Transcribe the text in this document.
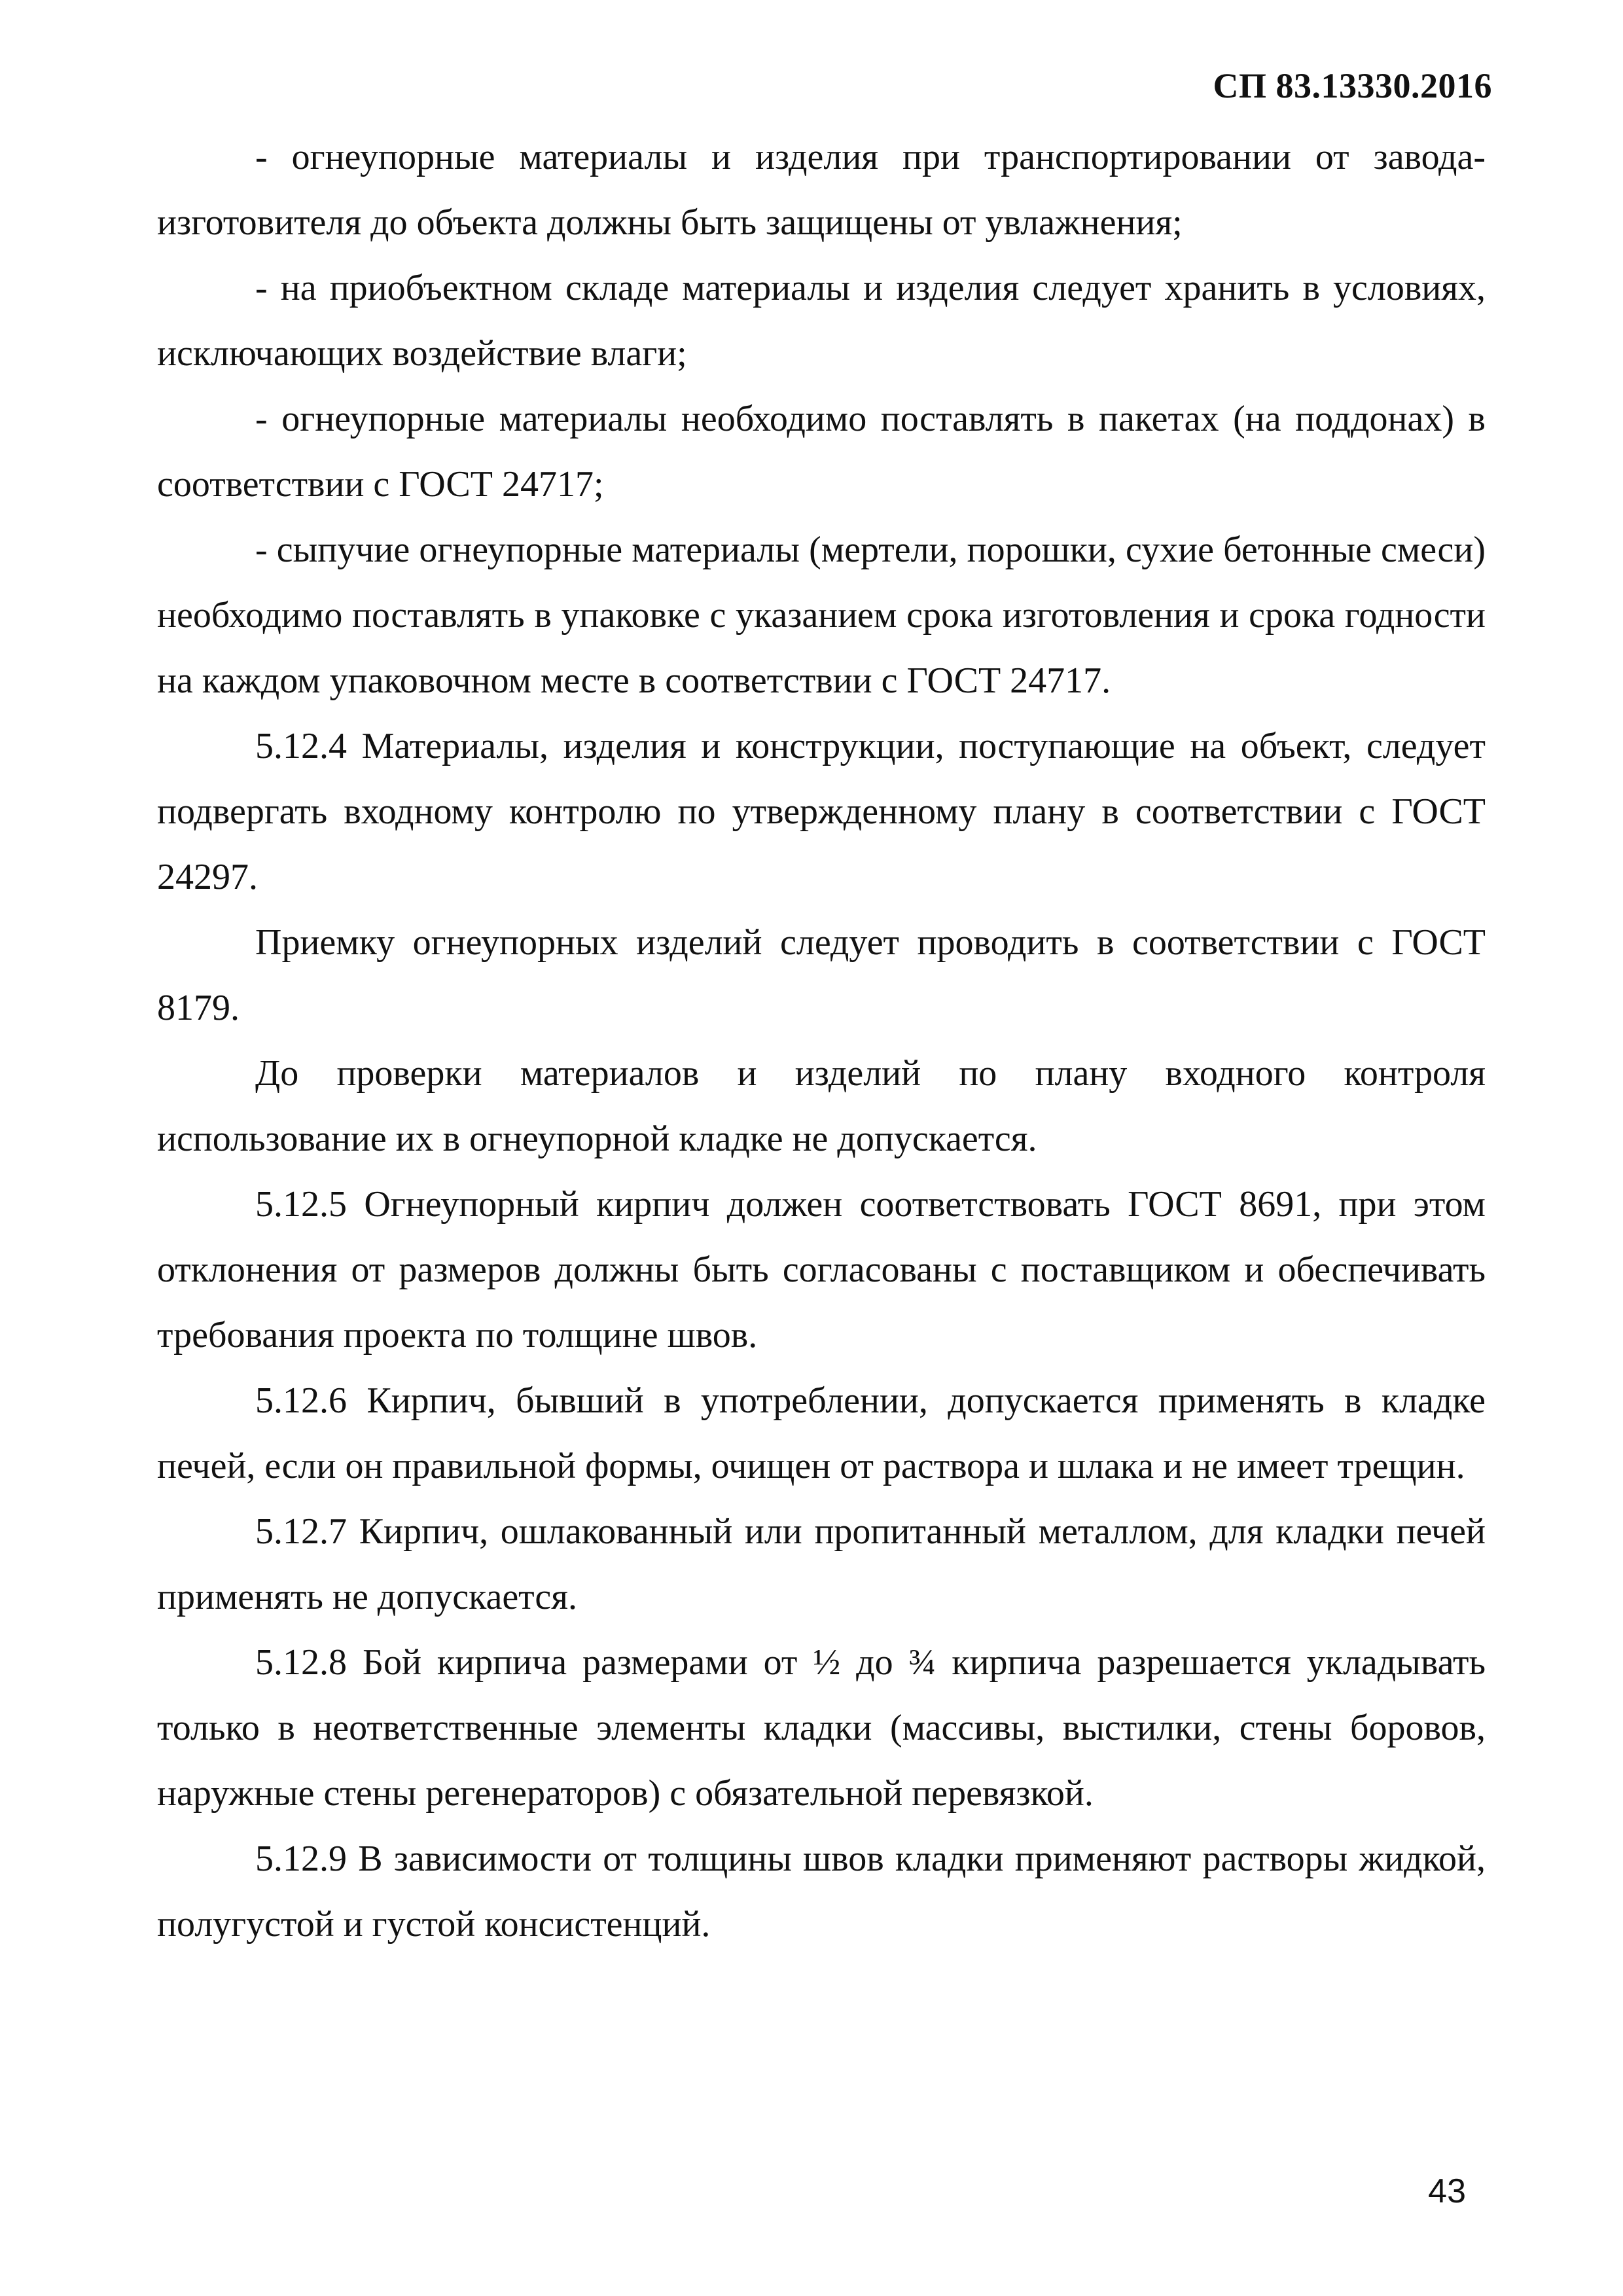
СП 83.13330.2016

- огнеупорные материалы и изделия при транспортировании от завода-изготовителя до объекта должны быть защищены от увлажнения;

- на приобъектном складе материалы и изделия следует хранить в условиях, исключающих воздействие влаги;

- огнеупорные материалы необходимо поставлять в пакетах (на поддонах) в соответствии с ГОСТ 24717;

- сыпучие огнеупорные материалы (мертели, порошки, сухие бетонные смеси) необходимо поставлять в упаковке с указанием срока изготовления и срока годности на каждом упаковочном месте в соответствии с ГОСТ 24717.

5.12.4 Материалы, изделия и конструкции, поступающие на объект, следует подвергать входному контролю по утвержденному плану в соответствии с ГОСТ 24297.

Приемку огнеупорных изделий следует проводить в соответствии с ГОСТ 8179.

До проверки материалов и изделий по плану входного контроля использование их в огнеупорной кладке не допускается.

5.12.5 Огнеупорный кирпич должен соответствовать ГОСТ 8691, при этом отклонения от размеров должны быть согласованы с поставщиком и обеспечивать требования проекта по толщине швов.

5.12.6 Кирпич, бывший в употреблении, допускается применять в кладке печей, если он правильной формы, очищен от раствора и шлака и не имеет трещин.

5.12.7 Кирпич, ошлакованный или пропитанный металлом, для кладки печей применять не допускается.

5.12.8 Бой кирпича размерами от ½ до ¾ кирпича разрешается укладывать только в неответственные элементы кладки (массивы, выстилки, стены боровов, наружные стены регенераторов) с обязательной перевязкой.

5.12.9 В зависимости от толщины швов кладки применяют растворы жидкой, полугустой и густой консистенций.

43
